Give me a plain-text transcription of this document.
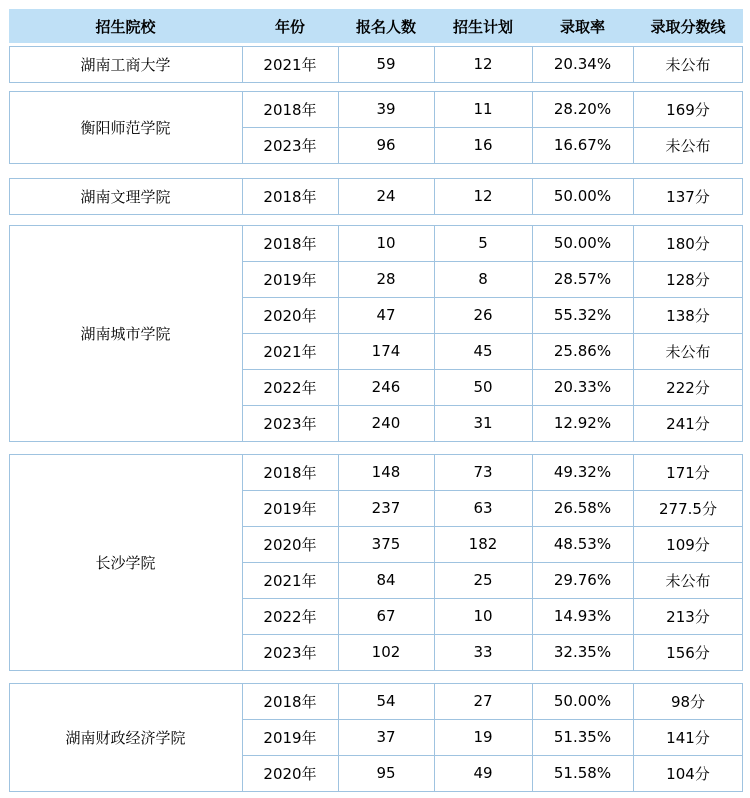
招生院校	年份	报名人数	招生计划	录取率	录取分数线
湖南工商大学	2021年	59	12	20.34%	未公布
衡阳师范学院
2018年	39	11	28.20%	169分
2023年	96	16	16.67%	未公布
湖南文理学院	2018年	24	12	50.00%	137分
湖南城市学院
2018年	10	5	50.00%	180分
2019年	28	8	28.57%	128分
2020年	47	26	55.32%	138分
2021年	174	45	25.86%	未公布
2022年	246	50	20.33%	222分
2023年	240	31	12.92%	241分
长沙学院
2018年	148	73	49.32%	171分
2019年	237	63	26.58%	277.5分
2020年	375	182	48.53%	109分
2021年	84	25	29.76%	未公布
2022年	67	10	14.93%	213分
2023年	102	33	32.35%	156分
湖南财政经济学院
2018年	54	27	50.00%	98分
2019年	37	19	51.35%	141分
2020年	95	49	51.58%	104分
